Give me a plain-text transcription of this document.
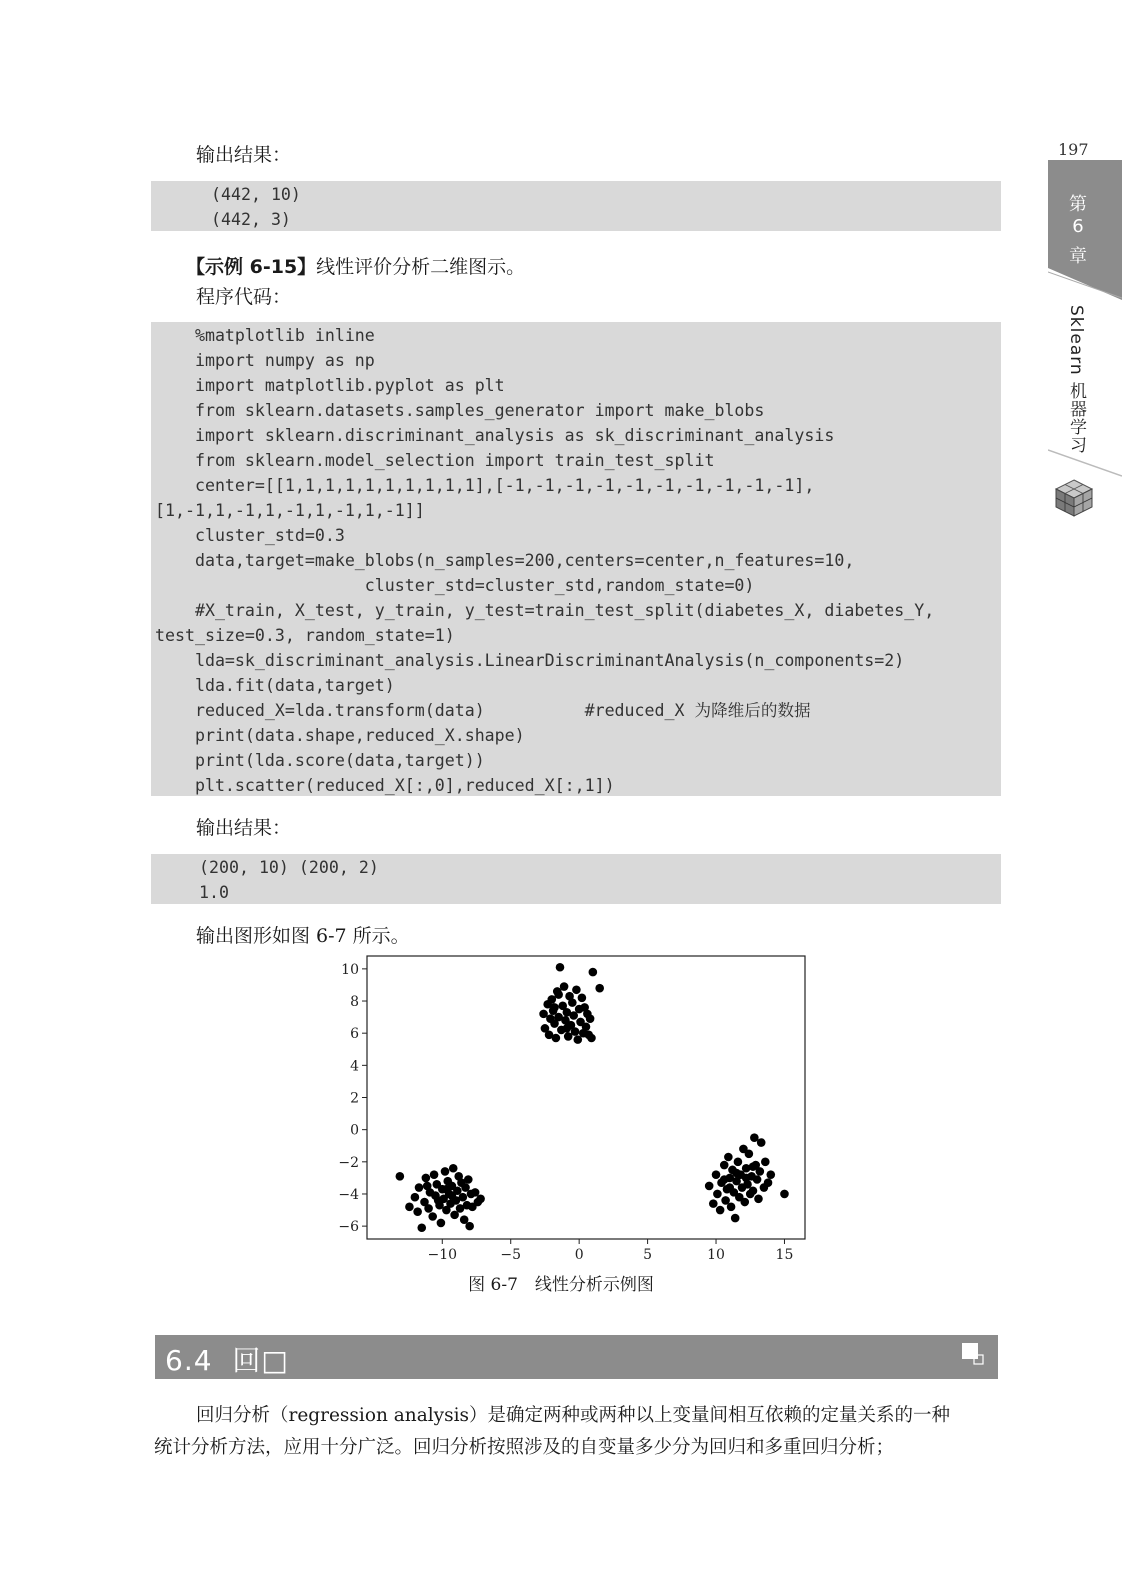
197
第
6
章
Sklearn 机器学习
输出结果：
(442, 10)
(442, 3)
【示例 6-15】线性评价分析二维图示。
程序代码：
%matplotlib inline
import numpy as np
import matplotlib.pyplot as plt
from sklearn.datasets.samples_generator import make_blobs
import sklearn.discriminant_analysis as sk_discriminant_analysis
from sklearn.model_selection import train_test_split
center=[[1,1,1,1,1,1,1,1,1,1],[-1,-1,-1,-1,-1,-1,-1,-1,-1,-1],
[1,-1,1,-1,1,-1,1,-1,1,-1]]
cluster_std=0.3
data,target=make_blobs(n_samples=200,centers=center,n_features=10,
cluster_std=cluster_std,random_state=0)
#X_train, X_test, y_train, y_test=train_test_split(diabetes_X, diabetes_Y,
test_size=0.3, random_state=1)
lda=sk_discriminant_analysis.LinearDiscriminantAnalysis(n_components=2)
lda.fit(data,target)
reduced_X=lda.transform(data)          #reduced_X 为降维后的数据
print(data.shape,reduced_X.shape)
print(lda.score(data,target))
plt.scatter(reduced_X[:,0],reduced_X[:,1])
输出结果：
(200, 10) (200, 2)
1.0
输出图形如图 6-7 所示。
−10	−5	0	5	10	15
−6
−4
−2
0
2
4
6
8
10
图 6-7　线性分析示例图
6.4 回□
回归分析（regression analysis）是确定两种或两种以上变量间相互依赖的定量关系的一种
统计分析方法，应用十分广泛。回归分析按照涉及的自变量多少分为回归和多重回归分析；
